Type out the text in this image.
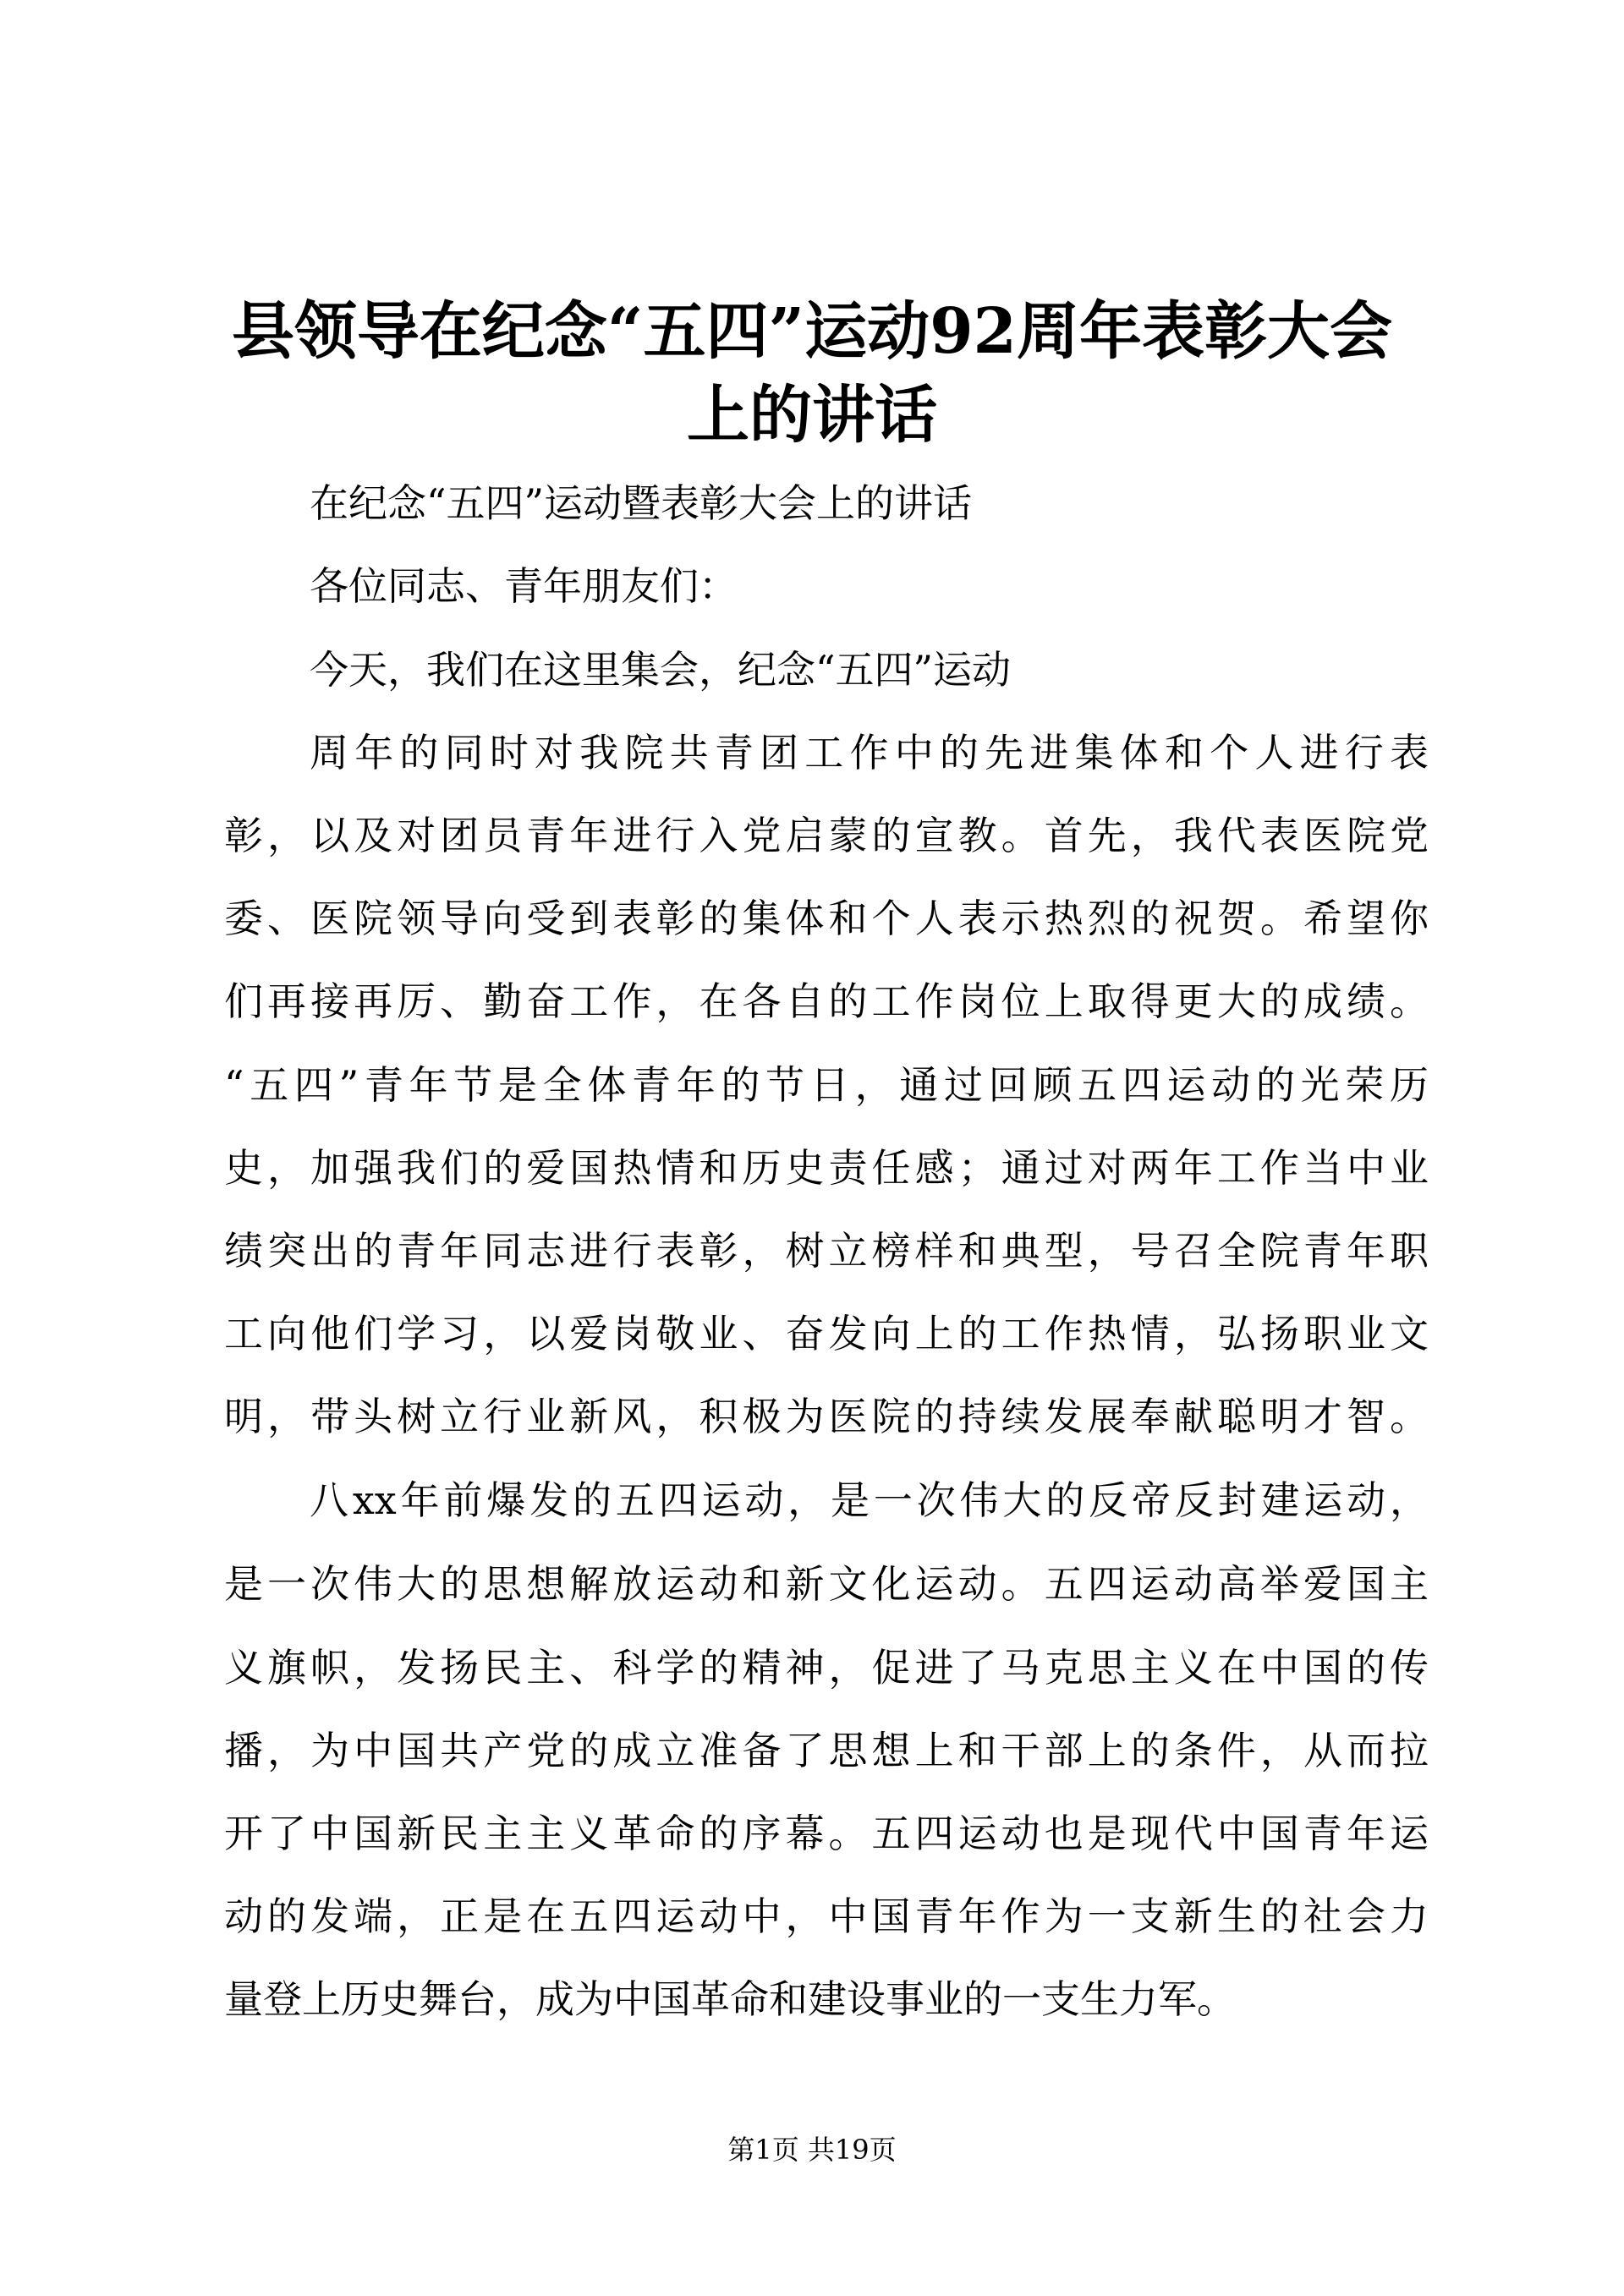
县领导在纪念“五四”运动92周年表彰大会
上的讲话
在纪念“五四”运动暨表彰大会上的讲话
各位同志、青年朋友们：
今天，我们在这里集会，纪念“五四”运动
周年的同时对我院共青团工作中的先进集体和个人进行表
彰，以及对团员青年进行入党启蒙的宣教。首先，我代表医院党
委、医院领导向受到表彰的集体和个人表示热烈的祝贺。希望你
们再接再厉、勤奋工作，在各自的工作岗位上取得更大的成绩。
“五四”青年节是全体青年的节日，通过回顾五四运动的光荣历
史，加强我们的爱国热情和历史责任感；通过对两年工作当中业
绩突出的青年同志进行表彰，树立榜样和典型，号召全院青年职
工向他们学习，以爱岗敬业、奋发向上的工作热情，弘扬职业文
明，带头树立行业新风，积极为医院的持续发展奉献聪明才智。
八xx年前爆发的五四运动，是一次伟大的反帝反封建运动，
是一次伟大的思想解放运动和新文化运动。五四运动高举爱国主
义旗帜，发扬民主、科学的精神，促进了马克思主义在中国的传
播，为中国共产党的成立准备了思想上和干部上的条件，从而拉
开了中国新民主主义革命的序幕。五四运动也是现代中国青年运
动的发端，正是在五四运动中，中国青年作为一支新生的社会力
量登上历史舞台，成为中国革命和建设事业的一支生力军。
第1页 共19页
